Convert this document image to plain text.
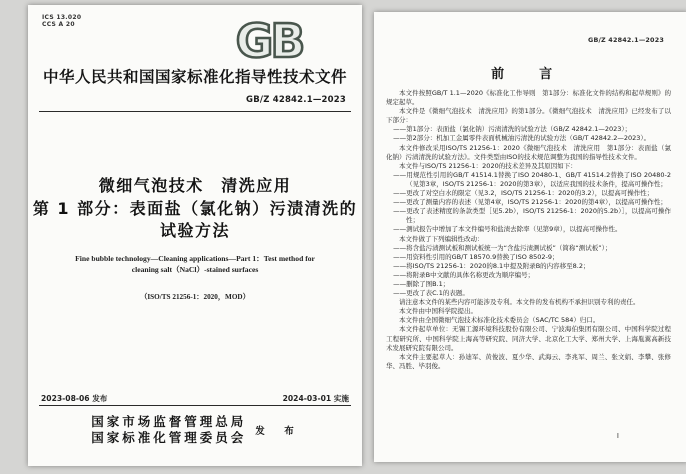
ICS 13.020
CCS A 20	GB
中华人民共和国国家标准化指导性技术文件
GB/Z 42842.1—2023
微细气泡技术　清洗应用
第 1 部分：表面盐（氯化钠）污渍清洗的
试验方法
Fine bubble technology—Cleaning applications—Part 1：Test method for
cleaning salt（NaCl）-stained surfaces
（ISO/TS 21256-1：2020，MOD）
2023-08-06 发布	2024-03-01 实施
国家市场监督管理总局
国家标准化管理委员会 发　布
GB/Z 42842.1—2023
前　言
本文件按照GB/T 1.1—2020《标准化工作导则　第1部分：标准化文件的结构和起草规则》的规定起草。
本文件是《微细气泡技术　清洗应用》的第1部分。《微细气泡技术　清洗应用》已经发布了以下部分：
——第1部分：表面盐（氯化钠）污渍清洗的试验方法（GB/Z 42842.1—2023）；
——第2部分：机加工金属零件表面机械油污清洗的试验方法（GB/T 42842.2—2023）。
本文件修改采用ISO/TS 21256-1：2020《微细气泡技术　清洗应用　第1部分：表面盐（氯化钠）污渍清洗的试验方法》。文件类型由ISO的技术规范调整为我国的指导性技术文件。
本文件与ISO/TS 21256-1：2020的技术差异及其原因如下：
——用规范性引用的GB/T 41514.1替换了ISO 20480-1、GB/T 41514.2替换了ISO 20480-2（见第3章，ISO/TS 21256-1：2020的第3章），以适应我国的技术条件，提高可操作性；
——更改了对空白水的限定（见3.2，ISO/TS 21256-1：2020的3.2），以提高可操作性；
——更改了测量内容的表述（见第4章，ISO/TS 21256-1：2020的第4章），以提高可操作性；
——更改了表述精度的条款类型［见5.2b），ISO/TS 21256-1：2020的5.2b）］，以提高可操作性；
——测试报告中增加了本文件编号和盐渍去除率（见第9章），以提高可操作性。
本文件做了下列编辑性改动：
——将含盐污渍测试板和测试板统一为“含盐污渍测试板”（简称“测试板”）；
——用资料性引用的GB/T 18570.9替换了ISO 8502-9；
——将ISO/TS 21256-1：2020的8.1中提及附录B的内容移至8.2；
——将附录B中文献的具体名称更改为顺序编号；
——删除了图B.1；
——更改了表C.1的表题。
请注意本文件的某些内容可能涉及专利。本文件的发布机构不承担识别专利的责任。
本文件由中国科学院提出。
本文件由全国微细气泡技术标准化技术委员会（SAC/TC 584）归口。
本文件起草单位：无锡工源环境科技股份有限公司、宁波海伯集团有限公司、中国科学院过程工程研究所、中国科学院上海高等研究院、同济大学、北京化工大学、郑州大学、上海胤翼高新技术发展研究院有限公司。
本文件主要起草人：孙迪军、黄俊波、夏少华、武海云、李兆军、周兰、张文娟、李攀、张修华、冯胜、毕羽俊。
Ⅰ
